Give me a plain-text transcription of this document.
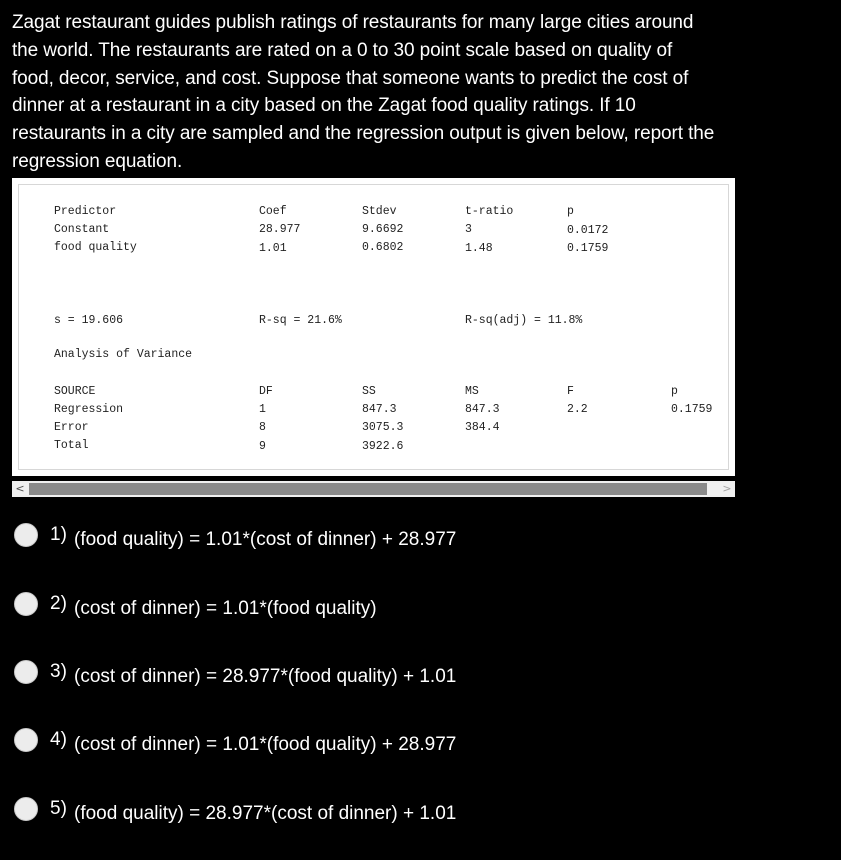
Zagat restaurant guides publish ratings of restaurants for many large cities around
the world. The restaurants are rated on a 0 to 30 point scale based on quality of
food, decor, service, and cost. Suppose that someone wants to predict the cost of
dinner at a restaurant in a city based on the Zagat food quality ratings. If 10
restaurants in a city are sampled and the regression output is given below, report the
regression equation.
Predictor	Coef	Stdev	t-ratio	p
Constant	28.977	9.6692	3	0.0172
food quality	1.01	0.6802	1.48	0.1759
s = 19.606	R-sq = 21.6%	R-sq(adj) = 11.8%
Analysis of Variance
SOURCE	DF	SS	MS	F	p
Regression	1	847.3	847.3	2.2	0.1759
Error	8	3075.3	384.4
Total	9	3922.6
<	>
1) (food quality) = 1.01*(cost of dinner) + 28.977
2) (cost of dinner) = 1.01*(food quality)
3) (cost of dinner) = 28.977*(food quality) + 1.01
4) (cost of dinner) = 1.01*(food quality) + 28.977
5) (food quality) = 28.977*(cost of dinner) + 1.01
